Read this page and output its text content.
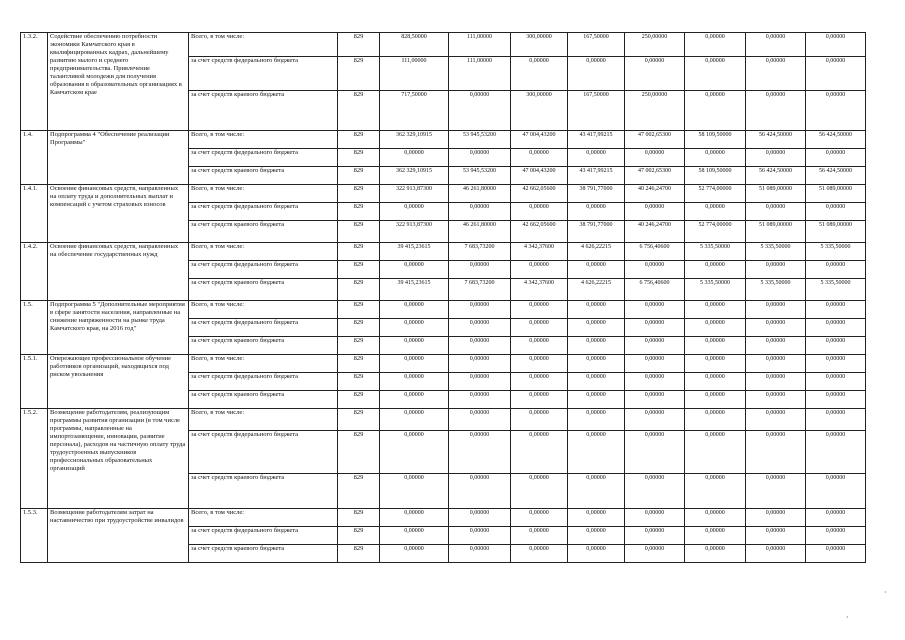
1.3.2.	Содействие обеспечению потребности экономики Камчатского края в квалифицированных кадрах, дальнейшему развитию малого и среднего предпринимательства. Привлечение талантливой молодежи для получения образования в образовательных организациях в Камчатском крае	Всего, в том числе:	829	828,50000	111,00000	300,00000	167,50000	250,00000	0,00000	0,00000	0,00000
		за счет средств федерального бюджета	829	111,00000	111,00000	0,00000	0,00000	0,00000	0,00000	0,00000	0,00000
		за счет средств краевого бюджета	829	717,50000	0,00000	300,00000	167,50000	250,00000	0,00000	0,00000	0,00000
1.4.	Подпрограмма 4 "Обеспечение реализации Программы"	Всего, в том числе:	829	362 329,10915	53 945,53200	47 004,43200	43 417,99215	47 002,65300	58 109,50000	56 424,50000	56 424,50000
		за счет средств федерального бюджета	829	0,00000	0,00000	0,00000	0,00000	0,00000	0,00000	0,00000	0,00000
		за счет средств краевого бюджета	829	362 329,10915	53 945,53200	47 004,43200	43 417,99215	47 002,65300	58 109,50000	56 424,50000	56 424,50000
1.4.1.	Освоение финансовых средств, направленных на оплату труда и дополнительных выплат и компенсаций с учетом страховых взносов	Всего, в том числе:	829	322 913,87300	46 261,80000	42 662,05600	38 791,77000	40 246,24700	52 774,00000	51 089,00000	51 089,00000
		за счет средств федерального бюджета	829	0,00000	0,00000	0,00000	0,00000	0,00000	0,00000	0,00000	0,00000
		за счет средств краевого бюджета	829	322 913,87300	46 261,80000	42 662,05600	38 791,77000	40 246,24700	52 774,00000	51 089,00000	51 089,00000
1.4.2.	Освоение финансовых средств, направленных на обеспечение государственных нужд	Всего, в том числе:	829	39 415,23615	7 683,73200	4 342,37600	4 626,22215	6 756,40600	5 335,50000	5 335,50000	5 335,50000
		за счет средств федерального бюджета	829	0,00000	0,00000	0,00000	0,00000	0,00000	0,00000	0,00000	0,00000
		за счет средств краевого бюджета	829	39 415,23615	7 683,73200	4 342,37600	4 626,22215	6 756,40600	5 335,50000	5 335,50000	5 335,50000
1.5.	Подпрограмма 5 "Дополнительные мероприятия в сфере занятости населения, направленные на снижение напряженности на рынке труда Камчатского края, на 2016 год"	Всего, в том числе:	829	0,00000	0,00000	0,00000	0,00000	0,00000	0,00000	0,00000	0,00000
		за счет средств федерального бюджета	829	0,00000	0,00000	0,00000	0,00000	0,00000	0,00000	0,00000	0,00000
		за счет средств краевого бюджета	829	0,00000	0,00000	0,00000	0,00000	0,00000	0,00000	0,00000	0,00000
1.5.1.	Опережающее профессиональное обучение работников организаций, находящихся под риском увольнения	Всего, в том числе:	829	0,00000	0,00000	0,00000	0,00000	0,00000	0,00000	0,00000	0,00000
		за счет средств федерального бюджета	829	0,00000	0,00000	0,00000	0,00000	0,00000	0,00000	0,00000	0,00000
		за счет средств краевого бюджета	829	0,00000	0,00000	0,00000	0,00000	0,00000	0,00000	0,00000	0,00000
1.5.2.	Возмещение работодателям, реализующим программы развития организации (в том числе программы, направленные на импортозамещение, инновации, развитие персонала), расходов на частичную оплату труда трудоустроенных выпускников профессиональных образовательных организаций	Всего, в том числе:	829	0,00000	0,00000	0,00000	0,00000	0,00000	0,00000	0,00000	0,00000
		за счет средств федерального бюджета	829	0,00000	0,00000	0,00000	0,00000	0,00000	0,00000	0,00000	0,00000
		за счет средств краевого бюджета	829	0,00000	0,00000	0,00000	0,00000	0,00000	0,00000	0,00000	0,00000
1.5.3.	Возмещение работодателям затрат на наставничество при трудоустройстве инвалидов	Всего, в том числе:	829	0,00000	0,00000	0,00000	0,00000	0,00000	0,00000	0,00000	0,00000
		за счет средств федерального бюджета	829	0,00000	0,00000	0,00000	0,00000	0,00000	0,00000	0,00000	0,00000
		за счет средств краевого бюджета	829	0,00000	0,00000	0,00000	0,00000	0,00000	0,00000	0,00000	0,00000
·
·
